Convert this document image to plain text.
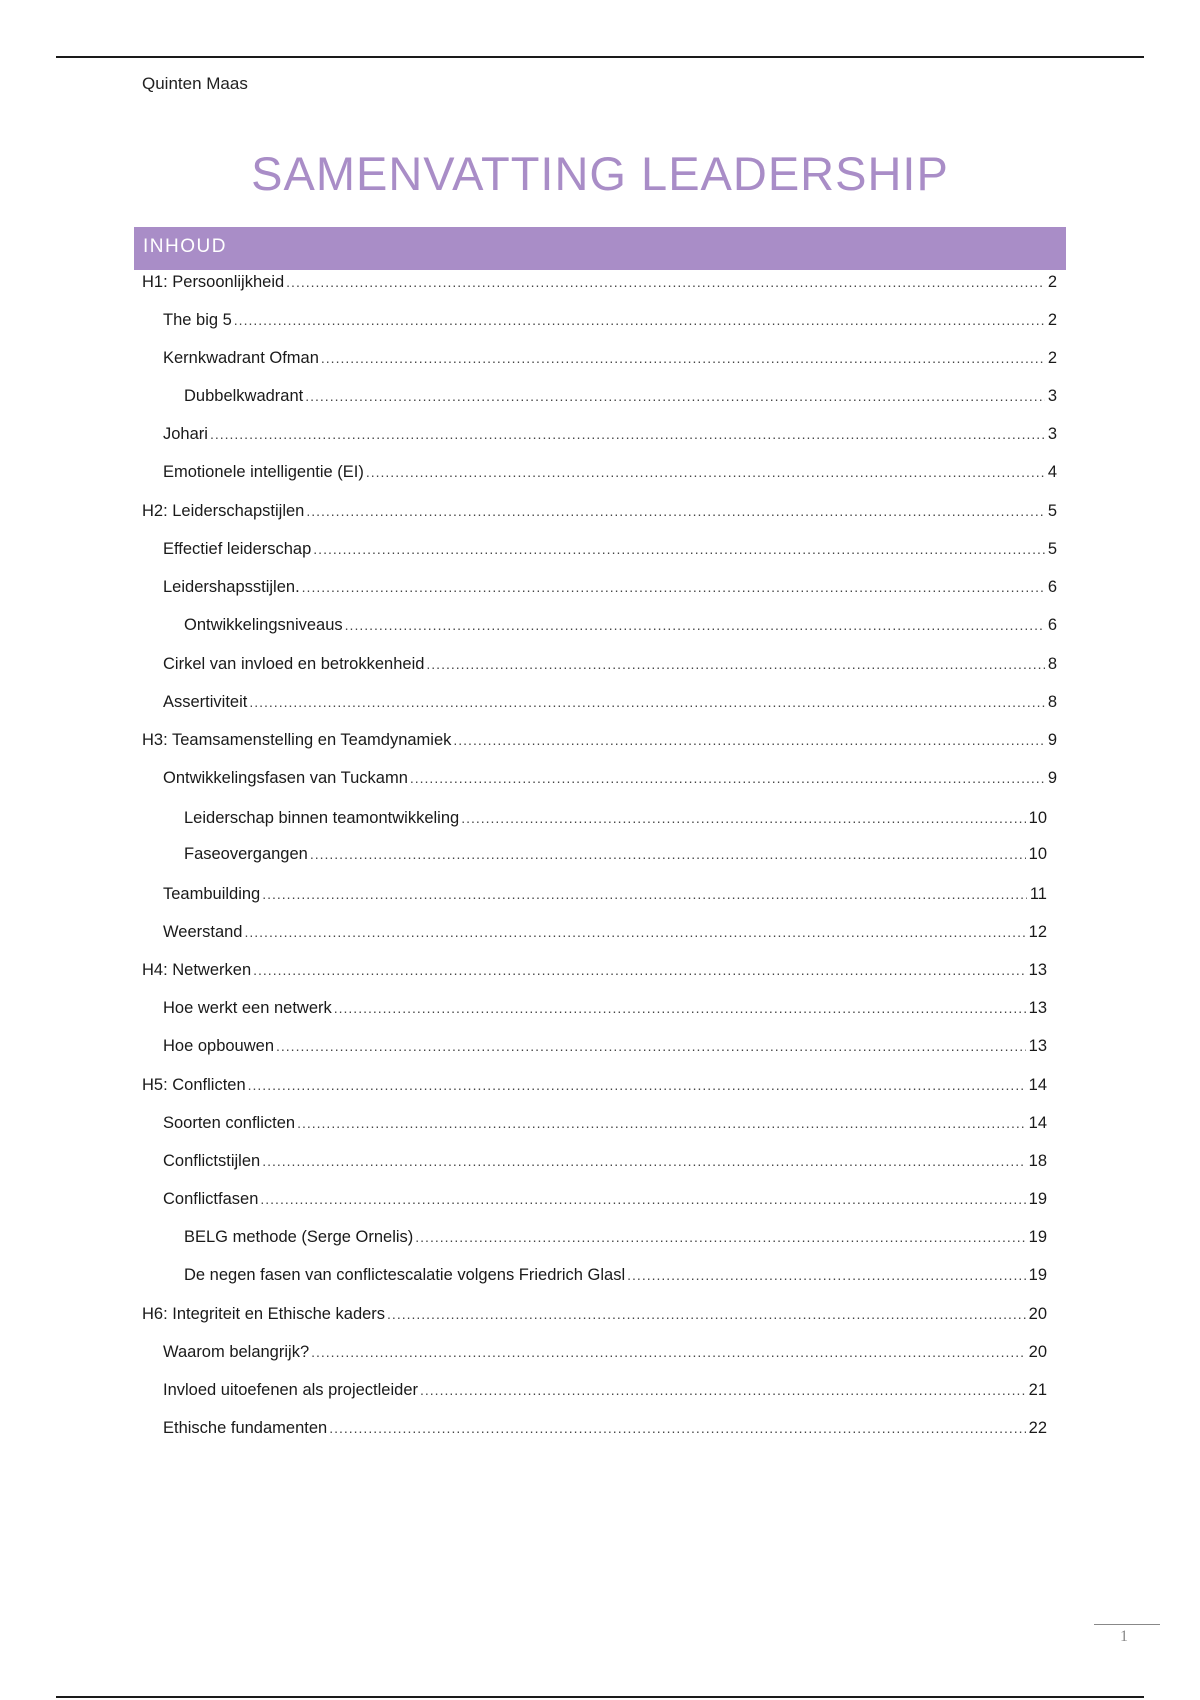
Quinten Maas
SAMENVATTING LEADERSHIP
INHOUD
H1: Persoonlijkheid .....	2
The big 5 .....	2
Kernkwadrant Ofman .....	2
Dubbelkwadrant .....	3
Johari .....	3
Emotionele intelligentie (EI) .....	4
H2: Leiderschapstijlen .....	5
Effectief leiderschap .....	5
Leidershapsstijlen. .....	6
Ontwikkelingsniveaus .....	6
Cirkel van invloed en betrokkenheid .....	8
Assertiviteit .....	8
H3: Teamsamenstelling en Teamdynamiek .....	9
Ontwikkelingsfasen van Tuckamn .....	9
Leiderschap binnen teamontwikkeling .....	10
Faseovergangen .....	10
Teambuilding .....	11
Weerstand .....	12
H4: Netwerken .....	13
Hoe werkt een netwerk .....	13
Hoe opbouwen .....	13
H5: Conflicten .....	14
Soorten conflicten .....	14
Conflictstijlen .....	18
Conflictfasen .....	19
BELG methode (Serge Ornelis) .....	19
De negen fasen van conflictescalatie volgens Friedrich Glasl .....	19
H6: Integriteit en Ethische kaders .....	20
Waarom belangrijk? .....	20
Invloed uitoefenen als projectleider .....	21
Ethische fundamenten .....	22
1
